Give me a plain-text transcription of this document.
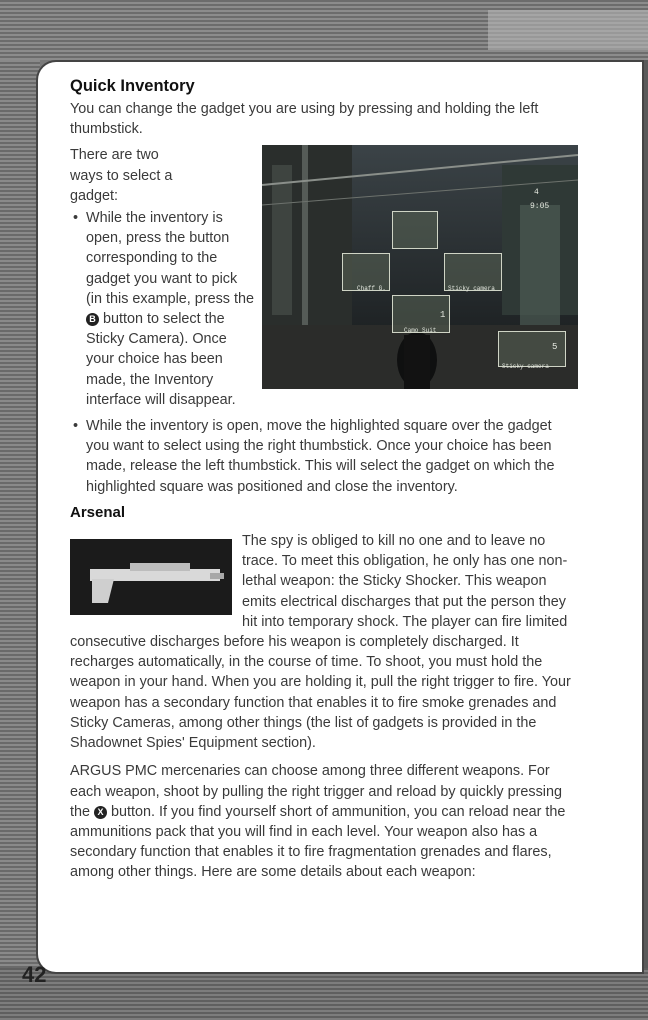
Quick Inventory

You can change the gadget you are using by pressing and holding the left thumbstick.

Chaff G.	Sticky camera
Camo Suit
1
Sticky camera
5
9:05
4

There are two ways to select a gadget:

• While the inventory is open, press the button corresponding to the gadget you want to pick (in this example, press the B button to select the Sticky Camera). Once your choice has been made, the Inventory interface will disappear.
• While the inventory is open, move the highlighted square over the gadget you want to select using the right thumbstick. Once your choice has been made, release the left thumbstick. This will select the gadget on which the highlighted square was positioned and close the inventory.
Arsenal

The spy is obliged to kill no one and to leave no trace. To meet this obligation, he only has one non-lethal weapon: the Sticky Shocker. This weapon emits electrical discharges that put the person they hit into temporary shock. The player can fire limited consecutive discharges before his weapon is completely discharged. It recharges automatically, in the course of time. To shoot, you must hold the weapon in your hand. When you are holding it, pull the right trigger to fire. Your weapon has a secondary function that enables it to fire smoke grenades and Sticky Cameras, among other things (the list of gadgets is provided in the Shadownet Spies' Equipment section).

ARGUS PMC mercenaries can choose among three different weapons. For each weapon, shoot by pulling the right trigger and reload by quickly pressing the X button. If you find yourself short of ammunition, you can reload near the ammunitions pack that you will find in each level. Your weapon also has a secondary function that enables it to fire fragmentation grenades and flares, among other things. Here are some details about each weapon:

42
